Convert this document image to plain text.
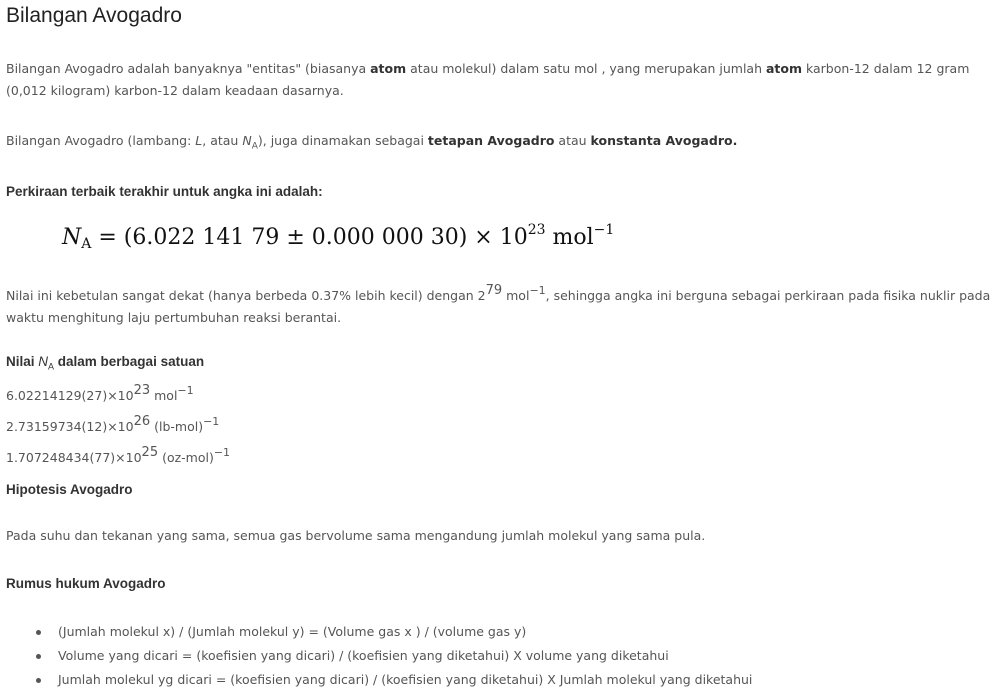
Bilangan Avogadro

Bilangan Avogadro adalah banyaknya "entitas" (biasanya atom atau molekul) dalam satu mol , yang merupakan jumlah atom karbon-12 dalam 12 gram (0,012 kilogram) karbon-12 dalam keadaan dasarnya.

Bilangan Avogadro (lambang: L, atau $N_A$), juga dinamakan sebagai tetapan Avogadro atau konstanta Avogadro.

Perkiraan terbaik terakhir untuk angka ini adalah:
$N_A = (6.022$ 141 79 ± 0.000 000 $30) \times 10^{23}$ mol$^{-1}$

Nilai ini kebetulan sangat dekat (hanya berbeda 0.37% lebih kecil) dengan $2^{79}$ mol$^{-1}$, sehingga angka ini berguna sebagai perkiraan pada fisika nuklir pada waktu menghitung laju pertumbuhan reaksi berantai.

Nilai $N_A$ dalam berbagai satuan
$6.02214129(27)\times 10^{23}$ mol$^{-1}$
$2.73159734(12)\times 10^{26}$ $(lb-mol)^{-1}$
$1.707248434(77)\times 10^{25}$ $(oz-mol)^{-1}$
Hipotesis Avogadro

Pada suhu dan tekanan yang sama, semua gas bervolume sama mengandung jumlah molekul yang sama pula.

Rumus hukum Avogadro
(Jumlah molekul x) / (Jumlah molekul y) = (Volume gas x ) / (volume gas y)
Volume yang dicari = (koefisien yang dicari) / (koefisien yang diketahui) X volume yang diketahui
Jumlah molekul yg dicari = (koefisien yang dicari) / (koefisien yang diketahui) X Jumlah molekul yang diketahui
